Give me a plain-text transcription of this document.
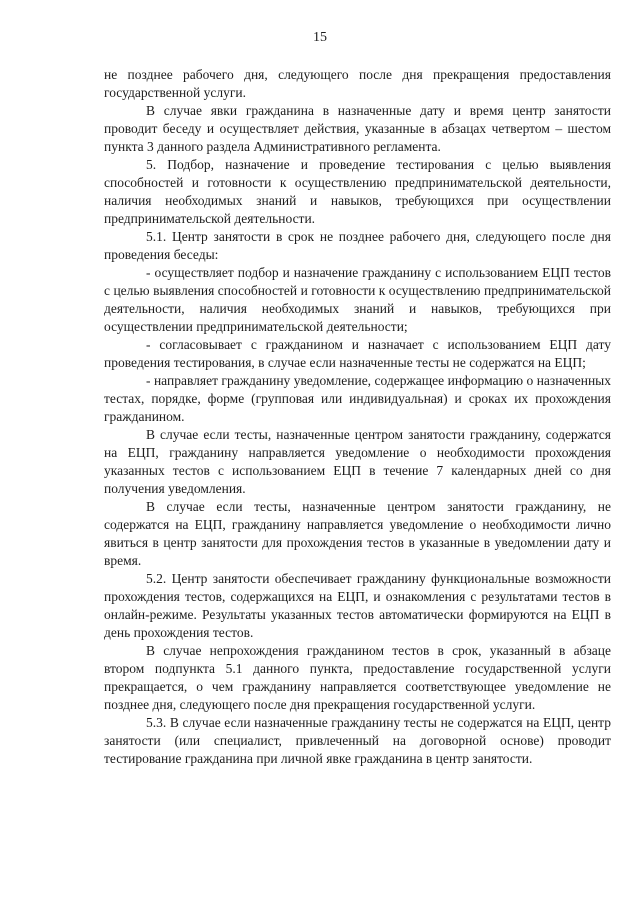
15

не позднее рабочего дня, следующего после дня прекращения предоставления государственной услуги.

В случае явки гражданина в назначенные дату и время центр занятости проводит беседу и осуществляет действия, указанные в абзацах четвертом – шестом пункта 3 данного раздела Административного регламента.

5. Подбор, назначение и проведение тестирования с целью выявления способностей и готовности к осуществлению предпринимательской деятельности, наличия необходимых знаний и навыков, требующихся при осуществлении предпринимательской деятельности.

5.1. Центр занятости в срок не позднее рабочего дня, следующего после дня проведения беседы:

- осуществляет подбор и назначение гражданину с использованием ЕЦП тестов с целью выявления способностей и готовности к осуществлению предпринимательской деятельности, наличия необходимых знаний и навыков, требующихся при осуществлении предпринимательской деятельности;

- согласовывает с гражданином и назначает с использованием ЕЦП дату проведения тестирования, в случае если назначенные тесты не содержатся на ЕЦП;

- направляет гражданину уведомление, содержащее информацию о назначенных тестах, порядке, форме (групповая или индивидуальная) и сроках их прохождения гражданином.

В случае если тесты, назначенные центром занятости гражданину, содержатся на ЕЦП, гражданину направляется уведомление о необходимости прохождения указанных тестов с использованием ЕЦП в течение 7 календарных дней со дня получения уведомления.

В случае если тесты, назначенные центром занятости гражданину, не содержатся на ЕЦП, гражданину направляется уведомление о необходимости лично явиться в центр занятости для прохождения тестов в указанные в уведомлении дату и время.

5.2. Центр занятости обеспечивает гражданину функциональные возможности прохождения тестов, содержащихся на ЕЦП, и ознакомления с результатами тестов в онлайн-режиме. Результаты указанных тестов автоматически формируются на ЕЦП в день прохождения тестов.

В случае непрохождения гражданином тестов в срок, указанный в абзаце втором подпункта 5.1 данного пункта, предоставление государственной услуги прекращается, о чем гражданину направляется соответствующее уведомление не позднее дня, следующего после дня прекращения государственной услуги.

5.3. В случае если назначенные гражданину тесты не содержатся на ЕЦП, центр занятости (или специалист, привлеченный на договорной основе) проводит тестирование гражданина при личной явке гражданина в центр занятости.
